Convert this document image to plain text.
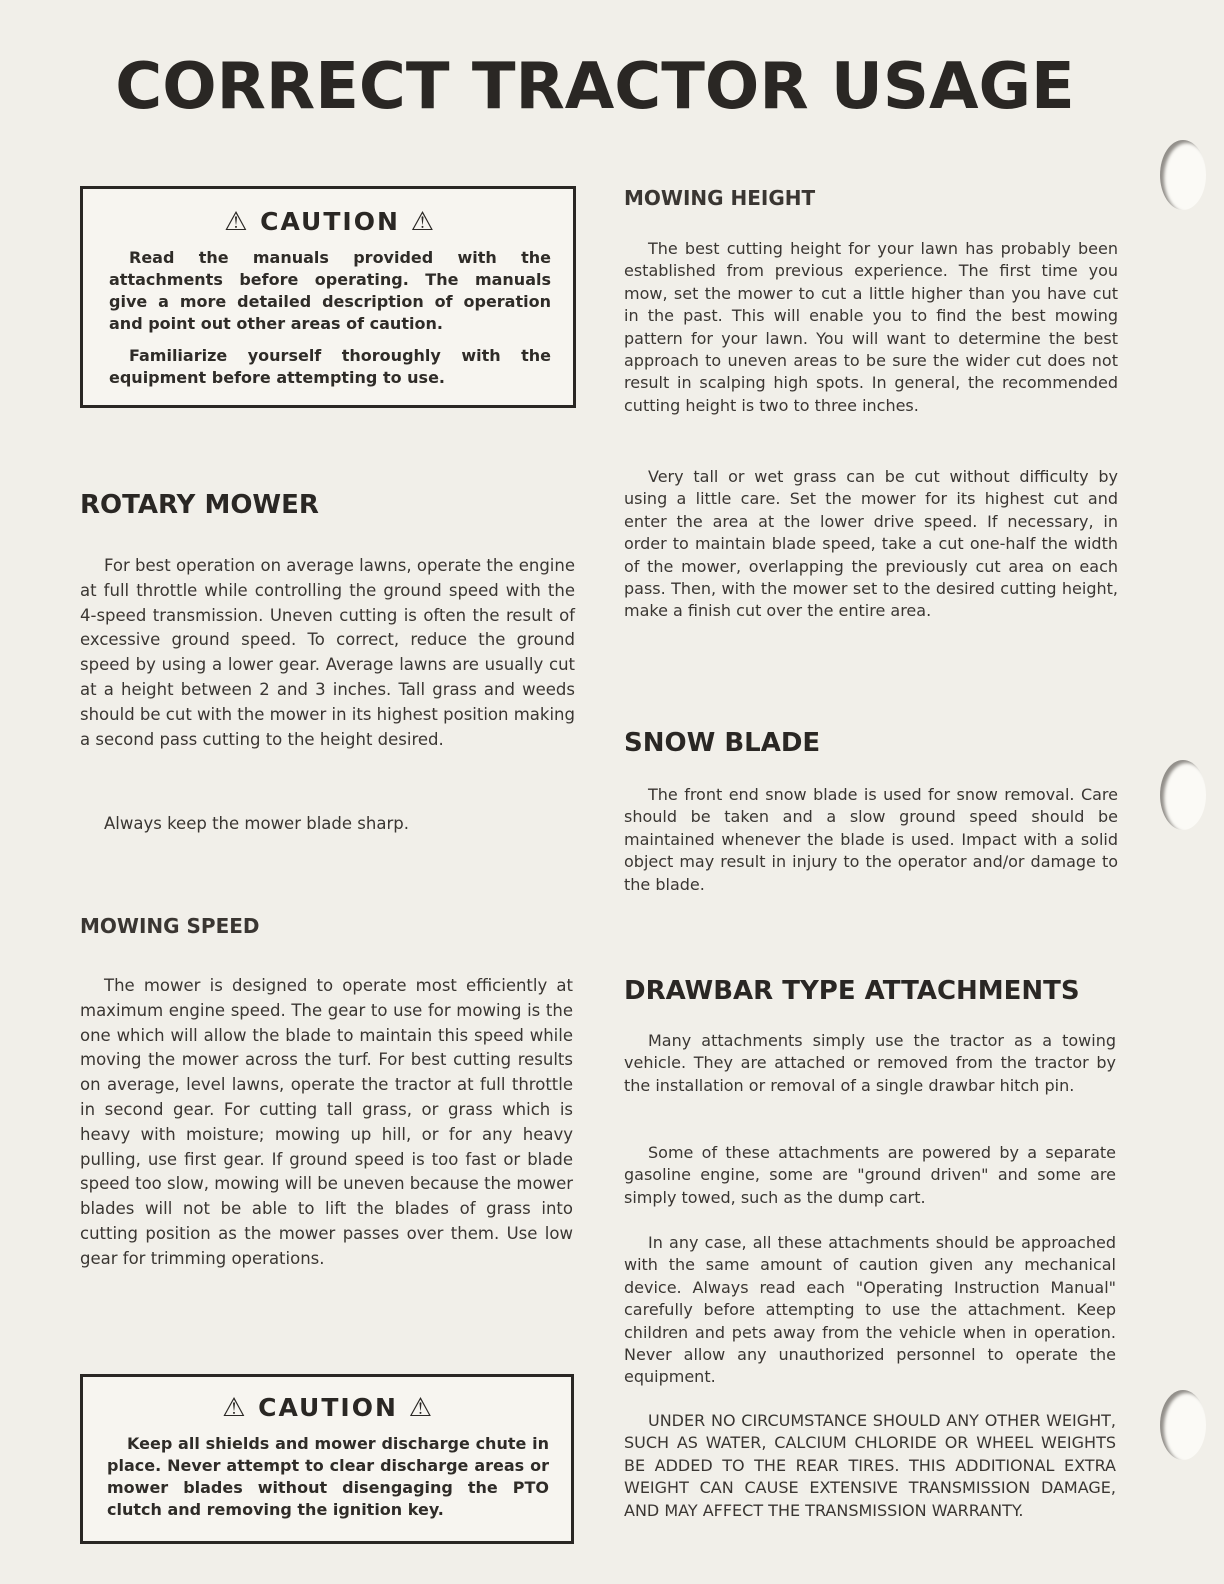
CORRECT TRACTOR USAGE
⚠ CAUTION ⚠

Read the manuals provided with the attachments before operating. The manuals give a more detailed description of operation and point out other areas of caution.

Familiarize yourself thoroughly with the equipment before attempting to use.

ROTARY MOWER

For best operation on average lawns, operate the engine at full throttle while controlling the ground speed with the 4-speed transmission. Uneven cutting is often the result of excessive ground speed. To correct, reduce the ground speed by using a lower gear. Average lawns are usually cut at a height between 2 and 3 inches. Tall grass and weeds should be cut with the mower in its highest position making a second pass cutting to the height desired.

Always keep the mower blade sharp.

MOWING SPEED

The mower is designed to operate most efficiently at maximum engine speed. The gear to use for mowing is the one which will allow the blade to maintain this speed while moving the mower across the turf. For best cutting results on average, level lawns, operate the tractor at full throttle in second gear. For cutting tall grass, or grass which is heavy with moisture; mowing up hill, or for any heavy pulling, use first gear. If ground speed is too fast or blade speed too slow, mowing will be uneven because the mower blades will not be able to lift the blades of grass into cutting position as the mower passes over them. Use low gear for trimming operations.

⚠ CAUTION ⚠

Keep all shields and mower discharge chute in place. Never attempt to clear discharge areas or mower blades without disengaging the PTO clutch and removing the ignition key.

MOWING HEIGHT

The best cutting height for your lawn has probably been established from previous experience. The first time you mow, set the mower to cut a little higher than you have cut in the past. This will enable you to find the best mowing pattern for your lawn. You will want to determine the best approach to uneven areas to be sure the wider cut does not result in scalping high spots. In general, the recommended cutting height is two to three inches.

Very tall or wet grass can be cut without difficulty by using a little care. Set the mower for its highest cut and enter the area at the lower drive speed. If necessary, in order to maintain blade speed, take a cut one-half the width of the mower, overlapping the previously cut area on each pass. Then, with the mower set to the desired cutting height, make a finish cut over the entire area.

SNOW BLADE

The front end snow blade is used for snow removal. Care should be taken and a slow ground speed should be maintained whenever the blade is used. Impact with a solid object may result in injury to the operator and/or damage to the blade.

DRAWBAR TYPE ATTACHMENTS

Many attachments simply use the tractor as a towing vehicle. They are attached or removed from the tractor by the installation or removal of a single drawbar hitch pin.

Some of these attachments are powered by a separate gasoline engine, some are "ground driven" and some are simply towed, such as the dump cart.

In any case, all these attachments should be approached with the same amount of caution given any mechanical device. Always read each "Operating Instruction Manual" carefully before attempting to use the attachment. Keep children and pets away from the vehicle when in operation. Never allow any unauthorized personnel to operate the equipment.

UNDER NO CIRCUMSTANCE SHOULD ANY OTHER WEIGHT, SUCH AS WATER, CALCIUM CHLORIDE OR WHEEL WEIGHTS BE ADDED TO THE REAR TIRES. THIS ADDITIONAL EXTRA WEIGHT CAN CAUSE EXTENSIVE TRANSMISSION DAMAGE, AND MAY AFFECT THE TRANSMISSION WARRANTY.
